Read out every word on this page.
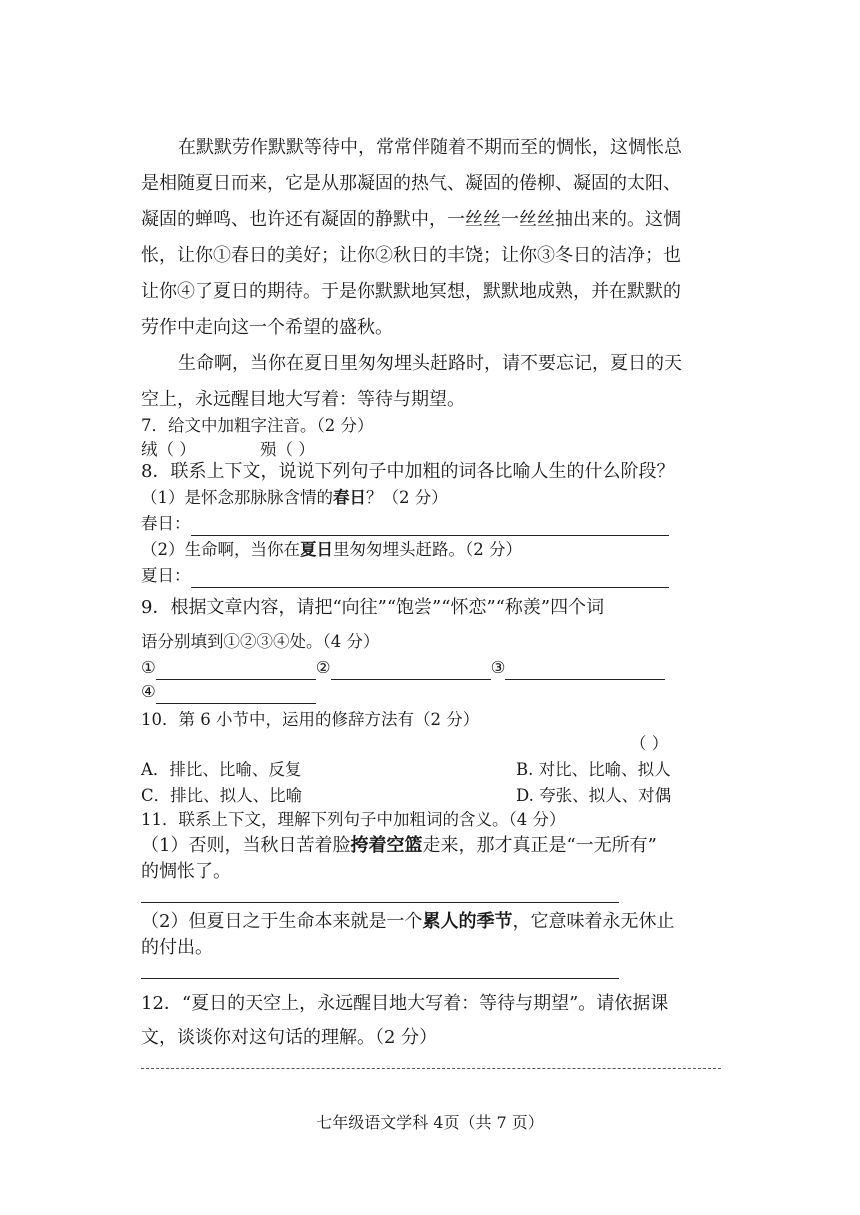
在默默劳作默默等待中，常常伴随着不期而至的惆怅，这惆怅总
是相随夏日而来，它是从那凝固的热气、凝固的倦柳、凝固的太阳、
凝固的蝉鸣、也许还有凝固的静默中，一丝丝一丝丝抽出来的。这惆
怅，让你①春日的美好；让你②秋日的丰饶；让你③冬日的洁净；也
让你④了夏日的期待。于是你默默地冥想，默默地成熟，并在默默的
劳作中走向这一个希望的盛秋。
生命啊，当你在夏日里匆匆埋头赶路时，请不要忘记，夏日的天
空上，永远醒目地大写着：等待与期望。
7．给文中加粗字注音。（2 分）
绒（ ）	殒（ ）
8．联系上下文，说说下列句子中加粗的词各比喻人生的什么阶段？
（1）是怀念那脉脉含情的春日？（2 分）
春日：
（2）生命啊，当你在夏日里匆匆埋头赶路。（2 分）
夏日：
9．根据文章内容，请把“向往”“饱尝”“怀恋”“称羡”四个词
语分别填到①②③④处。（4 分）
①	②	③
④
10．第 6 小节中，运用的修辞方法有（2 分）
（ ）
A．排比、比喻、反复	B. 对比、比喻、拟人
C．排比、拟人、比喻	D. 夸张、拟人、对偶
11．联系上下文，理解下列句子中加粗词的含义。（4 分）
（1）否则，当秋日苦着脸挎着空篮走来，那才真正是“一无所有”
的惆怅了。
（2）但夏日之于生命本来就是一个累人的季节，它意味着永无休止
的付出。
12．“夏日的天空上，永远醒目地大写着：等待与期望”。请依据课
文，谈谈你对这句话的理解。（2 分）
七年级语文学科 4页（共 7 页）
